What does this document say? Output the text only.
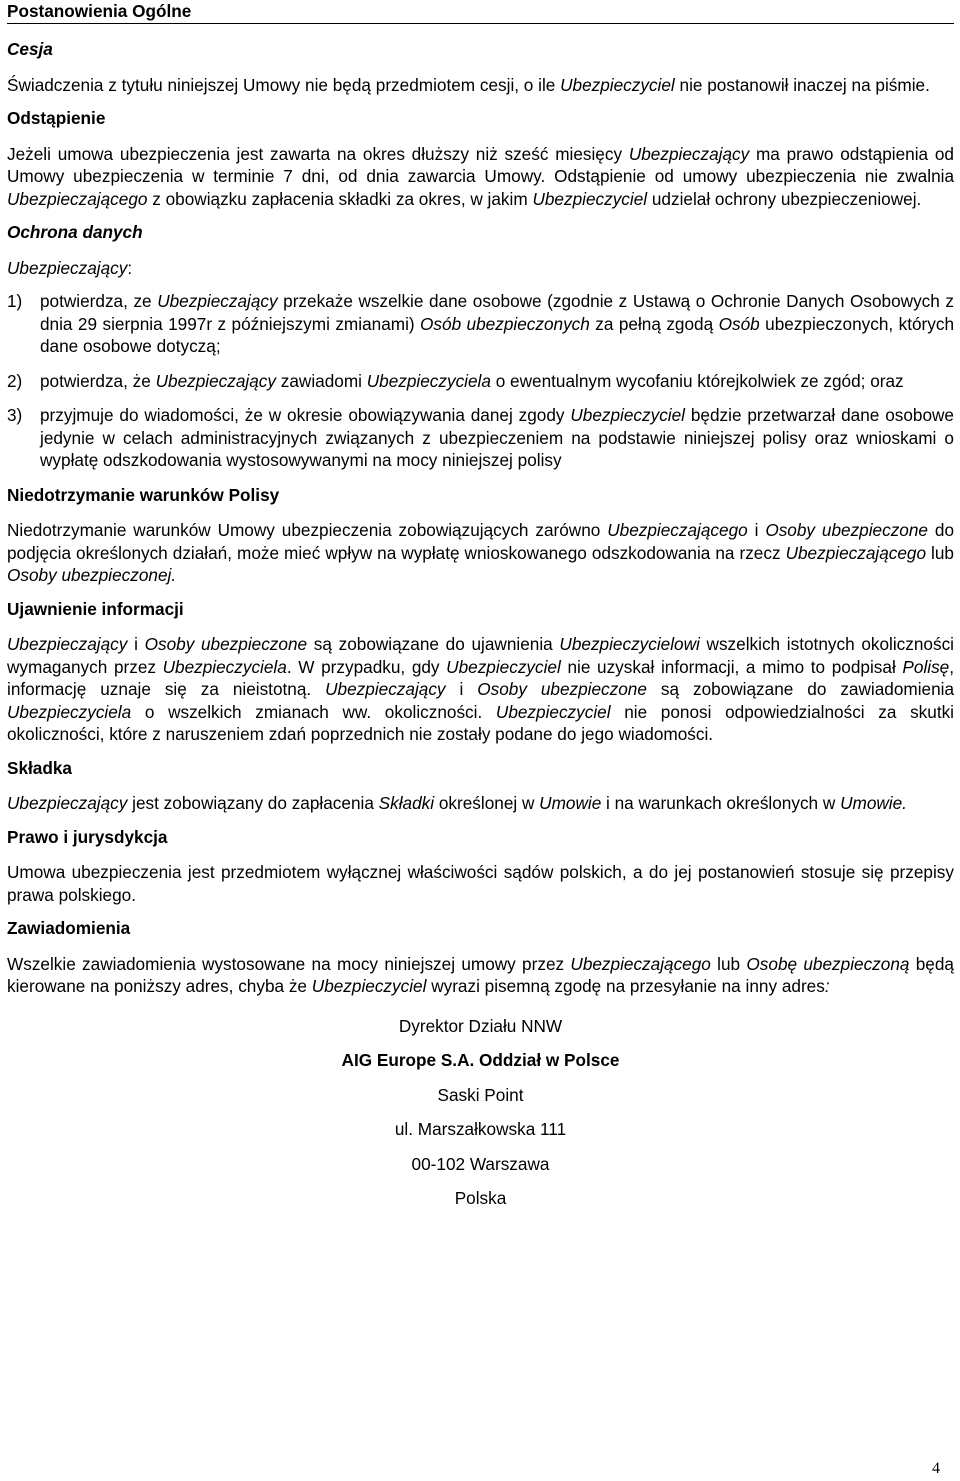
Postanowienia Ogólne
Cesja
Świadczenia z tytułu niniejszej Umowy nie będą przedmiotem cesji, o ile Ubezpieczyciel nie postanowił inaczej na piśmie.
Odstąpienie
Jeżeli umowa ubezpieczenia jest zawarta na okres dłuższy niż sześć miesięcy Ubezpieczający ma prawo odstąpienia od Umowy ubezpieczenia w terminie 7 dni, od dnia zawarcia Umowy. Odstąpienie od umowy ubezpieczenia nie zwalnia Ubezpieczającego z obowiązku zapłacenia składki za okres, w jakim Ubezpieczyciel udzielał ochrony ubezpieczeniowej.
Ochrona danych
Ubezpieczający:
1)	potwierdza, ze Ubezpieczający przekaże wszelkie dane osobowe (zgodnie z Ustawą o Ochronie Danych Osobowych z dnia 29 sierpnia 1997r z późniejszymi zmianami) Osób ubezpieczonych za pełną zgodą Osób ubezpieczonych, których dane osobowe dotyczą;
2)	potwierdza, że Ubezpieczający zawiadomi Ubezpieczyciela o ewentualnym wycofaniu którejkolwiek ze zgód; oraz
3)	przyjmuje do wiadomości, że w okresie obowiązywania danej zgody Ubezpieczyciel będzie przetwarzał dane osobowe jedynie w celach administracyjnych związanych z ubezpieczeniem na podstawie niniejszej polisy oraz wnioskami o wypłatę odszkodowania wystosowywanymi na mocy niniejszej polisy
Niedotrzymanie warunków Polisy
Niedotrzymanie warunków Umowy ubezpieczenia zobowiązujących zarówno Ubezpieczającego i Osoby ubezpieczone do podjęcia określonych działań, może mieć wpływ na wypłatę wnioskowanego odszkodowania na rzecz Ubezpieczającego lub Osoby ubezpieczonej.
Ujawnienie informacji
Ubezpieczający i Osoby ubezpieczone są zobowiązane do ujawnienia Ubezpieczycielowi wszelkich istotnych okoliczności wymaganych przez Ubezpieczyciela. W przypadku, gdy Ubezpieczyciel nie uzyskał informacji, a mimo to podpisał Polisę, informację uznaje się za nieistotną. Ubezpieczający i Osoby ubezpieczone są zobowiązane do zawiadomienia Ubezpieczyciela o wszelkich zmianach ww. okoliczności. Ubezpieczyciel nie ponosi odpowiedzialności za skutki okoliczności, które z naruszeniem zdań poprzednich nie zostały podane do jego wiadomości.
Składka
Ubezpieczający jest zobowiązany do zapłacenia Składki określonej w Umowie i na warunkach określonych w Umowie.
Prawo i jurysdykcja
Umowa ubezpieczenia jest przedmiotem wyłącznej właściwości sądów polskich, a do jej postanowień stosuje się przepisy prawa polskiego.
Zawiadomienia
Wszelkie zawiadomienia wystosowane na mocy niniejszej umowy przez Ubezpieczającego lub Osobę ubezpieczoną będą kierowane na poniższy adres, chyba że Ubezpieczyciel wyrazi pisemną zgodę na przesyłanie na inny adres:
Dyrektor Działu NNW
AIG Europe S.A. Oddział w Polsce
Saski Point
ul. Marszałkowska 111
00-102 Warszawa
Polska
4
